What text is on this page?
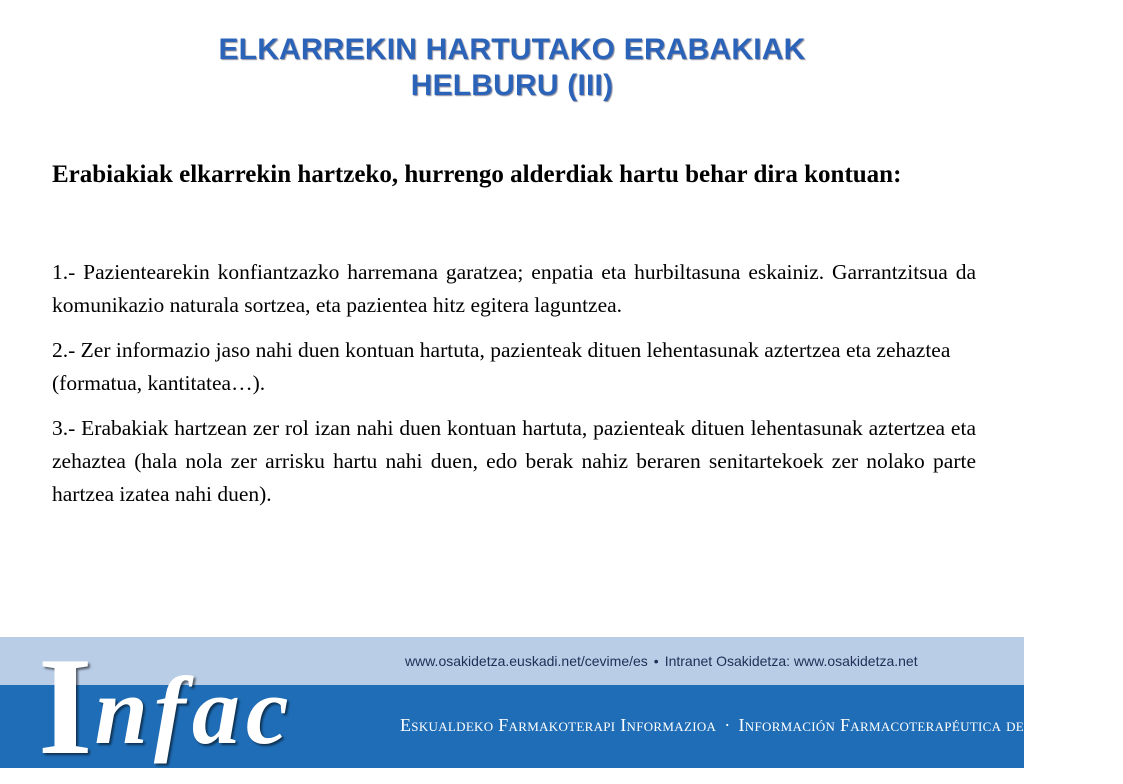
ELKARREKIN HARTUTAKO ERABAKIAK
HELBURU (III)
Erabiakiak elkarrekin hartzeko, hurrengo alderdiak hartu behar dira kontuan:

1.- Pazientearekin konfiantzazko harremana garatzea; enpatia eta hurbiltasuna eskainiz. Garrantzitsua da komunikazio naturala sortzea, eta pazientea hitz egitera laguntzea.

2.- Zer informazio jaso nahi duen kontuan hartuta, pazienteak dituen lehentasunak aztertzea eta zehaztea (formatua, kantitatea…).

3.- Erabakiak hartzean zer rol izan nahi duen kontuan hartuta, pazienteak dituen lehentasunak aztertzea eta zehaztea (hala nola zer arrisku hartu nahi duen, edo berak nahiz beraren senitartekoek zer nolako parte hartzea izatea nahi duen).

www.osakidetza.euskadi.net/cevime/es • Intranet Osakidetza: www.osakidetza.net
Eskualdeko Farmakoterapi Informazioa · Información Farmacoterapéutica de la Comarca
Infac
